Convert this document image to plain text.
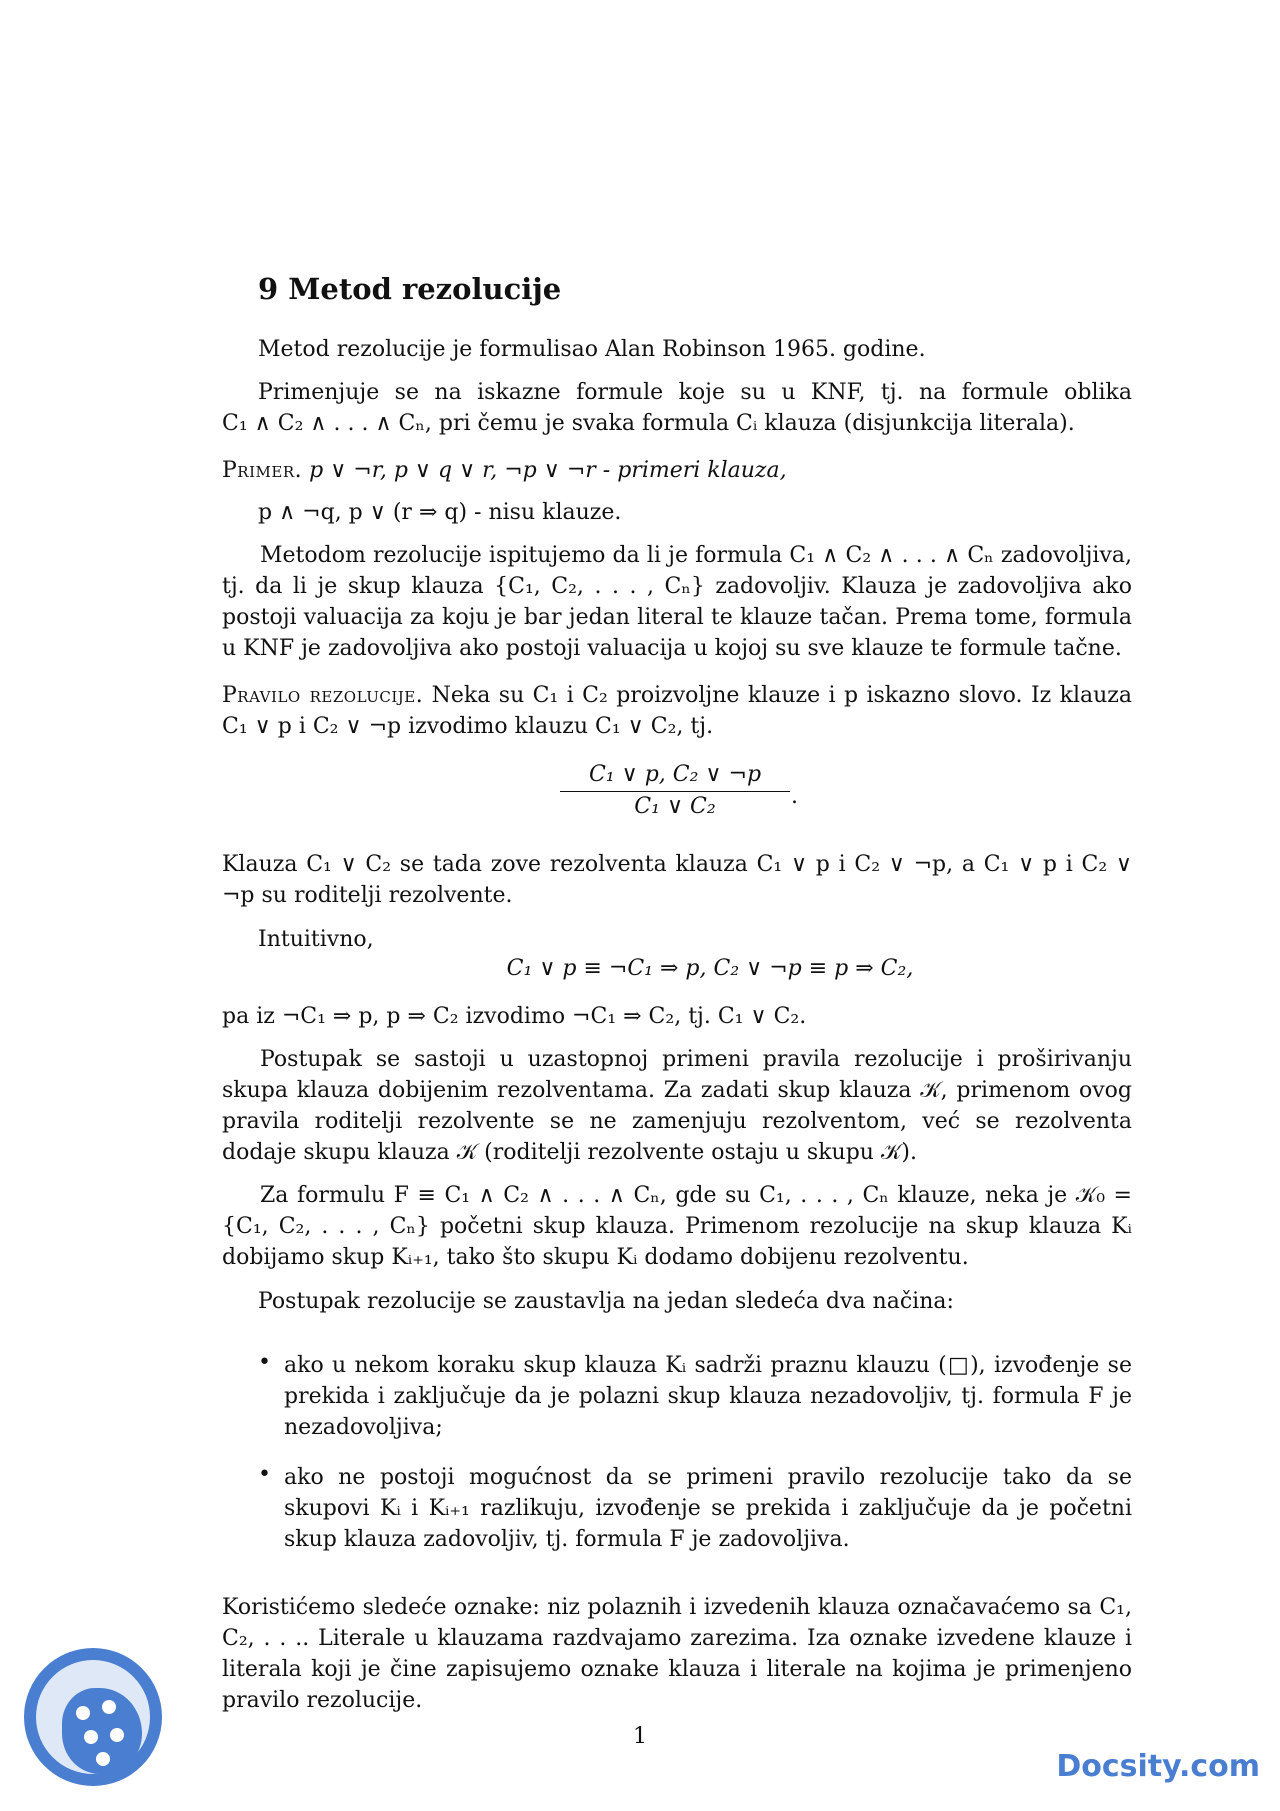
9 Metod rezolucije

Metod rezolucije je formulisao Alan Robinson 1965. godine.

Primenjuje se na iskazne formule koje su u KNF, tj. na formule oblika

C₁ ∧ C₂ ∧ . . . ∧ Cₙ, pri čemu je svaka formula Cᵢ klauza (disjunkcija literala).

Primer. p ∨ ¬r, p ∨ q ∨ r, ¬p ∨ ¬r - primeri klauza,

p ∧ ¬q, p ∨ (r ⇒ q) - nisu klauze.

Metodom rezolucije ispitujemo da li je formula C₁ ∧ C₂ ∧ . . . ∧ Cₙ zadovoljiva, tj. da li je skup klauza {C₁, C₂, . . . , Cₙ} zadovoljiv. Klauza je zadovoljiva ako postoji valuacija za koju je bar jedan literal te klauze tačan. Prema tome, formula u KNF je zadovoljiva ako postoji valuacija u kojoj su sve klauze te formule tačne.

Pravilo rezolucije. Neka su C₁ i C₂ proizvoljne klauze i p iskazno slovo. Iz klauza C₁ ∨ p i C₂ ∨ ¬p izvodimo klauzu C₁ ∨ C₂, tj.
C₁ ∨ p, C₂ ∨ ¬p
C₁ ∨ C₂	.

Klauza C₁ ∨ C₂ se tada zove rezolventa klauza C₁ ∨ p i C₂ ∨ ¬p, a C₁ ∨ p i C₂ ∨ ¬p su roditelji rezolvente.

Intuitivno,

C₁ ∨ p ≡ ¬C₁ ⇒ p, C₂ ∨ ¬p ≡ p ⇒ C₂,

pa iz ¬C₁ ⇒ p, p ⇒ C₂ izvodimo ¬C₁ ⇒ C₂, tj. C₁ ∨ C₂.

Postupak se sastoji u uzastopnoj primeni pravila rezolucije i proširivanju skupa klauza dobijenim rezolventama. Za zadati skup klauza 𝒦, primenom ovog pravila roditelji rezolvente se ne zamenjuju rezolventom, već se rezolventa dodaje skupu klauza 𝒦 (roditelji rezolvente ostaju u skupu 𝒦).

Za formulu F ≡ C₁ ∧ C₂ ∧ . . . ∧ Cₙ, gde su C₁, . . . , Cₙ klauze, neka je 𝒦₀ = {C₁, C₂, . . . , Cₙ} početni skup klauza. Primenom rezolucije na skup klauza Kᵢ dobijamo skup Kᵢ₊₁, tako što skupu Kᵢ dodamo dobijenu rezolventu.

Postupak rezolucije se zaustavlja na jedan sledeća dva načina:

• ako u nekom koraku skup klauza Kᵢ sadrži praznu klauzu (□), izvođenje se prekida i zaključuje da je polazni skup klauza nezadovoljiv, tj. formula F je nezadovoljiva;

• ako ne postoji mogućnost da se primeni pravilo rezolucije tako da se skupovi Kᵢ i Kᵢ₊₁ razlikuju, izvođenje se prekida i zaključuje da je početni skup klauza zadovoljiv, tj. formula F je zadovoljiva.

Koristićemo sledeće oznake: niz polaznih i izvedenih klauza označavaćemo sa C₁, C₂, . . .. Literale u klauzama razdvajamo zarezima. Iza oznake izvedene klauze i literala koji je čine zapisujemo oznake klauza i literale na kojima je primenjeno pravilo rezolucije.

1
Docsity.com
